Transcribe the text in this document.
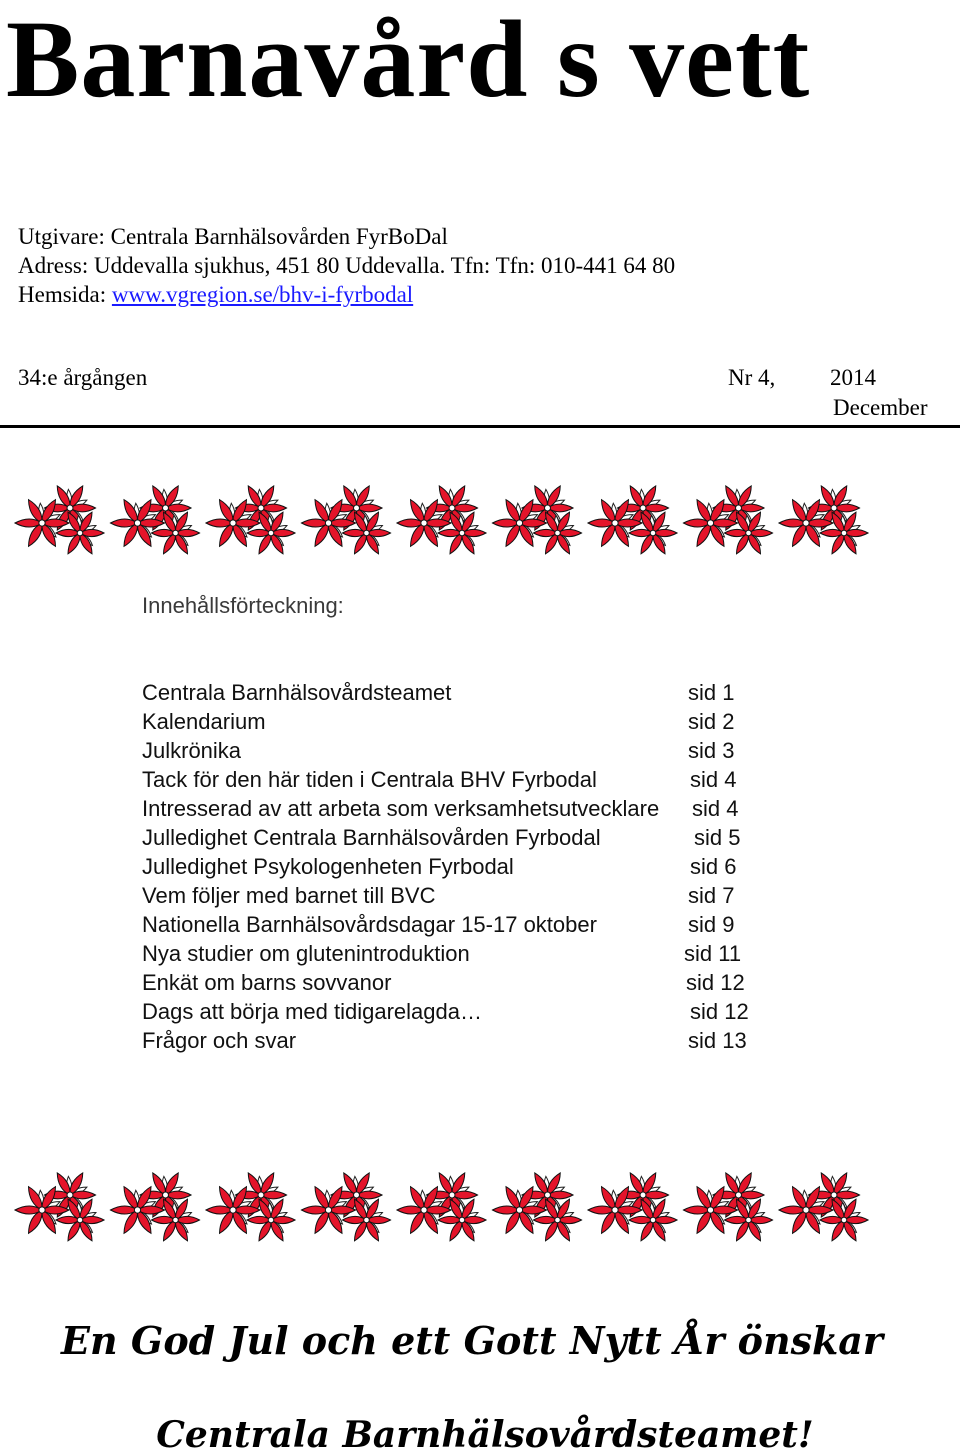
Barnavård s vett
Utgivare: Centrala Barnhälsovården FyrBoDal
Adress: Uddevalla sjukhus, 451 80 Uddevalla. Tfn: Tfn: 010-441 64 80
Hemsida: www.vgregion.se/bhv-i-fyrbodal
34:e årgången	Nr 4, 2014
December
Innehållsförteckning:
Centrala Barnhälsovårdsteamet	sid 1
Kalendarium	sid 2
Julkrönika	sid 3
Tack för den här tiden i Centrala BHV Fyrbodal	sid 4
Intresserad av att arbeta som verksamhetsutvecklare sid 4
Julledighet Centrala Barnhälsovården Fyrbodal	sid 5
Julledighet Psykologenheten Fyrbodal	sid 6
Vem följer med barnet till BVC	sid 7
Nationella Barnhälsovårdsdagar 15-17 oktober	sid 9
Nya studier om glutenintroduktion	sid 11
Enkät om barns sovvanor	sid 12
Dags att börja med tidigarelagda…	sid 12
Frågor och svar	sid 13
En God Jul och ett Gott Nytt År önskar
Centrala Barnhälsovårdsteamet!
